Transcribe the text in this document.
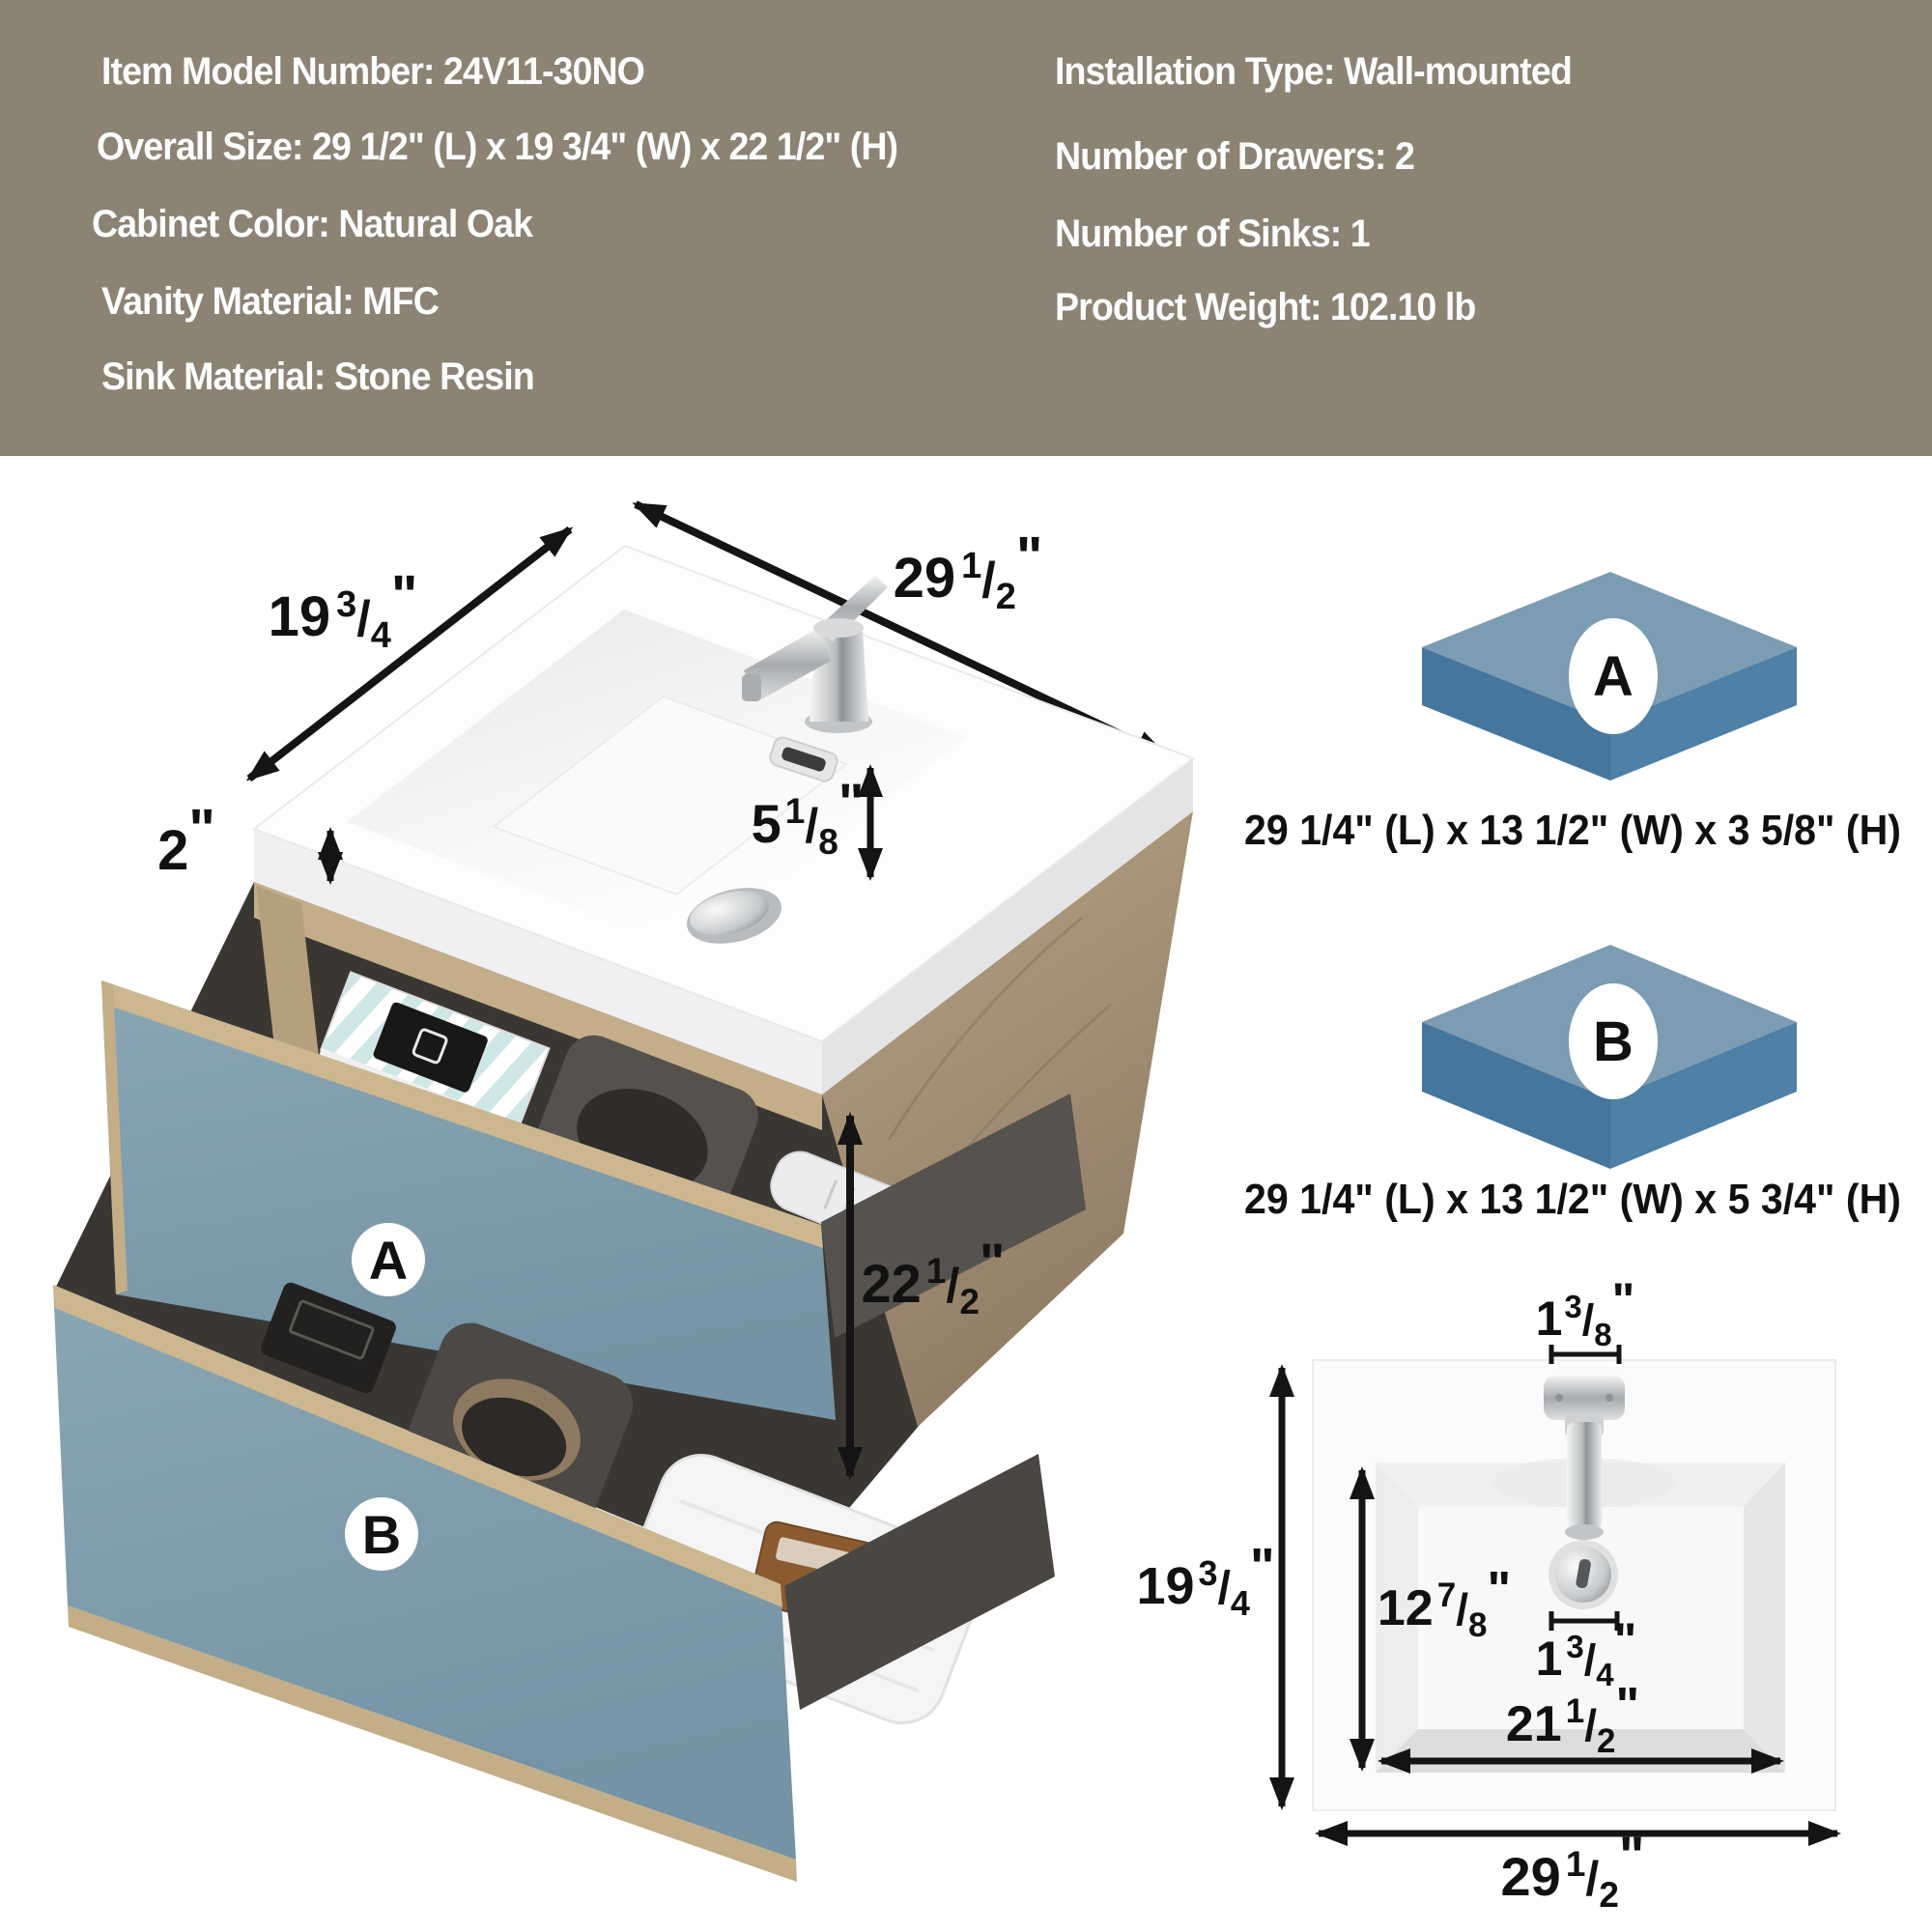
19 $^3/_4$"	29 $^1/_2$"
2"	5 $^1/_8$"
A
B
22 $^1/_2$"
A
29 1/4" (L) x 13 1/2" (W) x 3 5/8" (H)
B
29 1/4" (L) x 13 1/2" (W) x 5 3/4" (H)
$1^3/_8$"
19 $^3/_4$"
12 $^7/_8$"
1 $^3/_4$"
21 $^1/_2$"
29 $^1/_2$"
Item Model Number: 24V11-30NO
Overall Size: 29 1/2" (L) x 19 3/4" (W) x 22 1/2" (H)
Cabinet Color: Natural Oak
Vanity Material: MFC
Sink Material: Stone Resin
Installation Type: Wall-mounted
Number of Drawers: 2
Number of Sinks: 1
Product Weight: 102.10 lb
